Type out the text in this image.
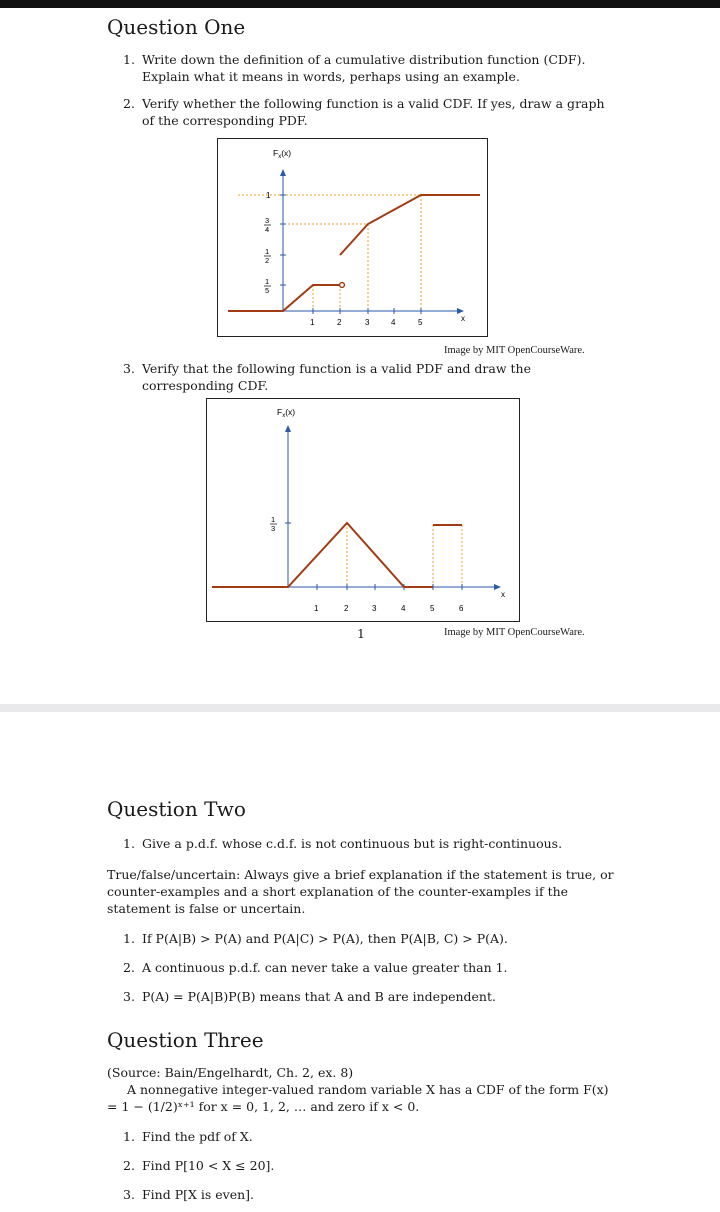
Question One
1. Write down the definition of a cumulative distribution function (CDF). Explain what it means in words, perhaps using an example.
2. Verify whether the following function is a valid CDF. If yes, draw a graph of the corresponding PDF.
$F_x(x)$
x
1
3
4
1
2
1
5
1	2	3	4	5
Image by MIT OpenCourseWare.
3. Verify that the following function is a valid PDF and draw the corresponding CDF.
$F_x(x)$
x
1
3
1	2	3	4	5	6
1	Image by MIT OpenCourseWare.
Question Two
1. Give a p.d.f. whose c.d.f. is not continuous but is right-continuous.
True/false/uncertain: Always give a brief explanation if the statement is true, or counter-examples and a short explanation of the counter-examples if the statement is false or uncertain.
1. If P(A|B) > P(A) and P(A|C) > P(A), then P(A|B, C) > P(A).
2. A continuous p.d.f. can never take a value greater than 1.
3. P(A) = P(A|B)P(B) means that A and B are independent.
Question Three
(Source: Bain/Engelhardt, Ch. 2, ex. 8)
A nonnegative integer-valued random variable X has a CDF of the form F(x) = 1 − (1/2)ˣ⁺¹ for x = 0, 1, 2, … and zero if x < 0.
1. Find the pdf of X.
2. Find P[10 < X ≤ 20].
3. Find P[X is even].
